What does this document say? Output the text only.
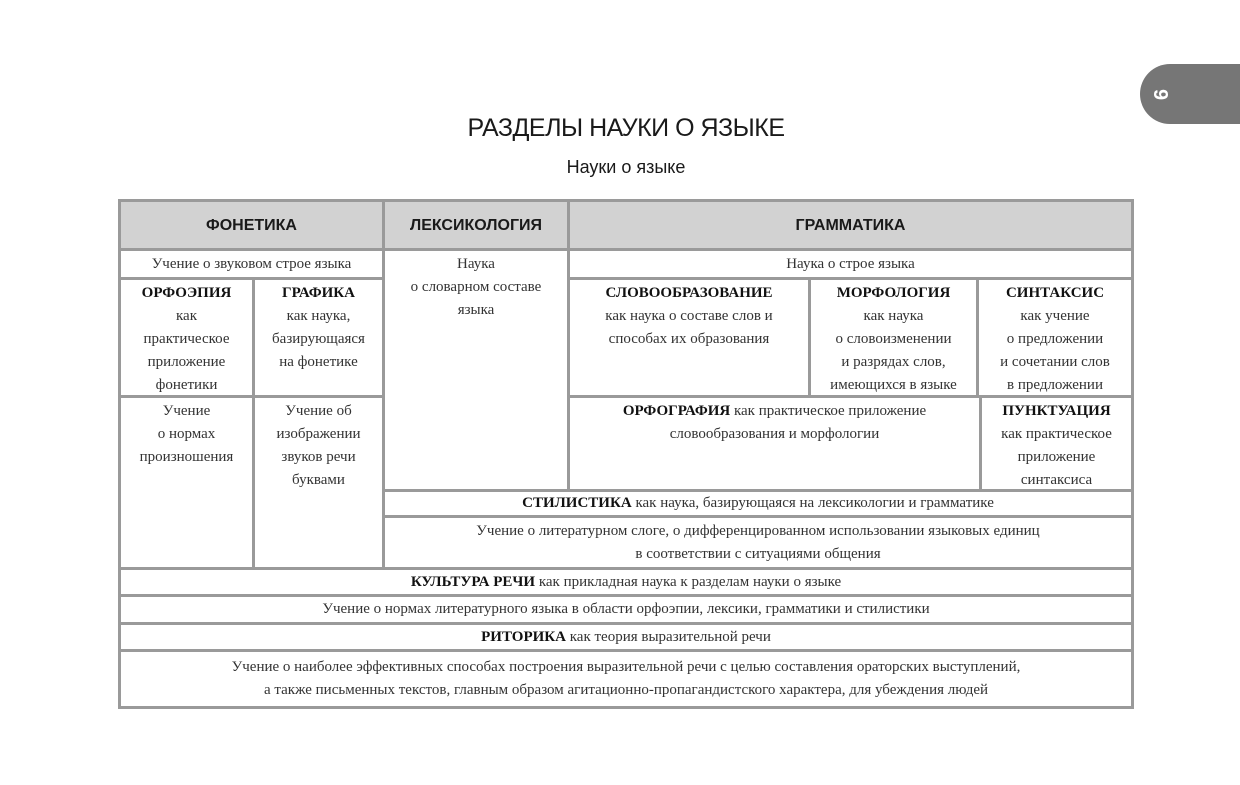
9
РАЗДЕЛЫ НАУКИ О ЯЗЫКЕ
Науки о языке
ФОНЕТИКА	ЛЕКСИКОЛОГИЯ	ГРАММАТИКА
Учение о звуковом строе языка
ОРФОЭПИЯ
как
практическое
приложение
фонетики
ГРАФИКА
как наука,
базирующаяся
на фонетике
Учение
о нормах
произношения
Учение об
изображении
звуков речи
буквами
Наука
о словарном составе
языка
Наука о строе языка
СЛОВООБРАЗОВАНИЕ
как наука о составе слов и
способах их образования
МОРФОЛОГИЯ
как наука
о словоизменении
и разрядах слов,
имеющихся в языке
СИНТАКСИС
как учение
о предложении
и сочетании слов
в предложении
ОРФОГРАФИЯ как практическое приложение
словообразования и морфологии
ПУНКТУАЦИЯ
как практическое
приложение
синтаксиса
СТИЛИСТИКА
как наука, базирующаяся на лексикологии и грамматике
Учение о литературном слоге, о дифференцированном использовании языковых единиц
в соответствии с ситуациями общения
КУЛЬТУРА РЕЧИ
как прикладная наука к разделам науки о языке
Учение о нормах литературного языка в области орфоэпии, лексики, грамматики и стилистики
РИТОРИКА
как теория выразительной речи
Учение о наиболее эффективных способах построения выразительной речи с целью составления ораторских выступлений,
а также письменных текстов, главным образом агитационно-пропагандистского характера, для убеждения людей
